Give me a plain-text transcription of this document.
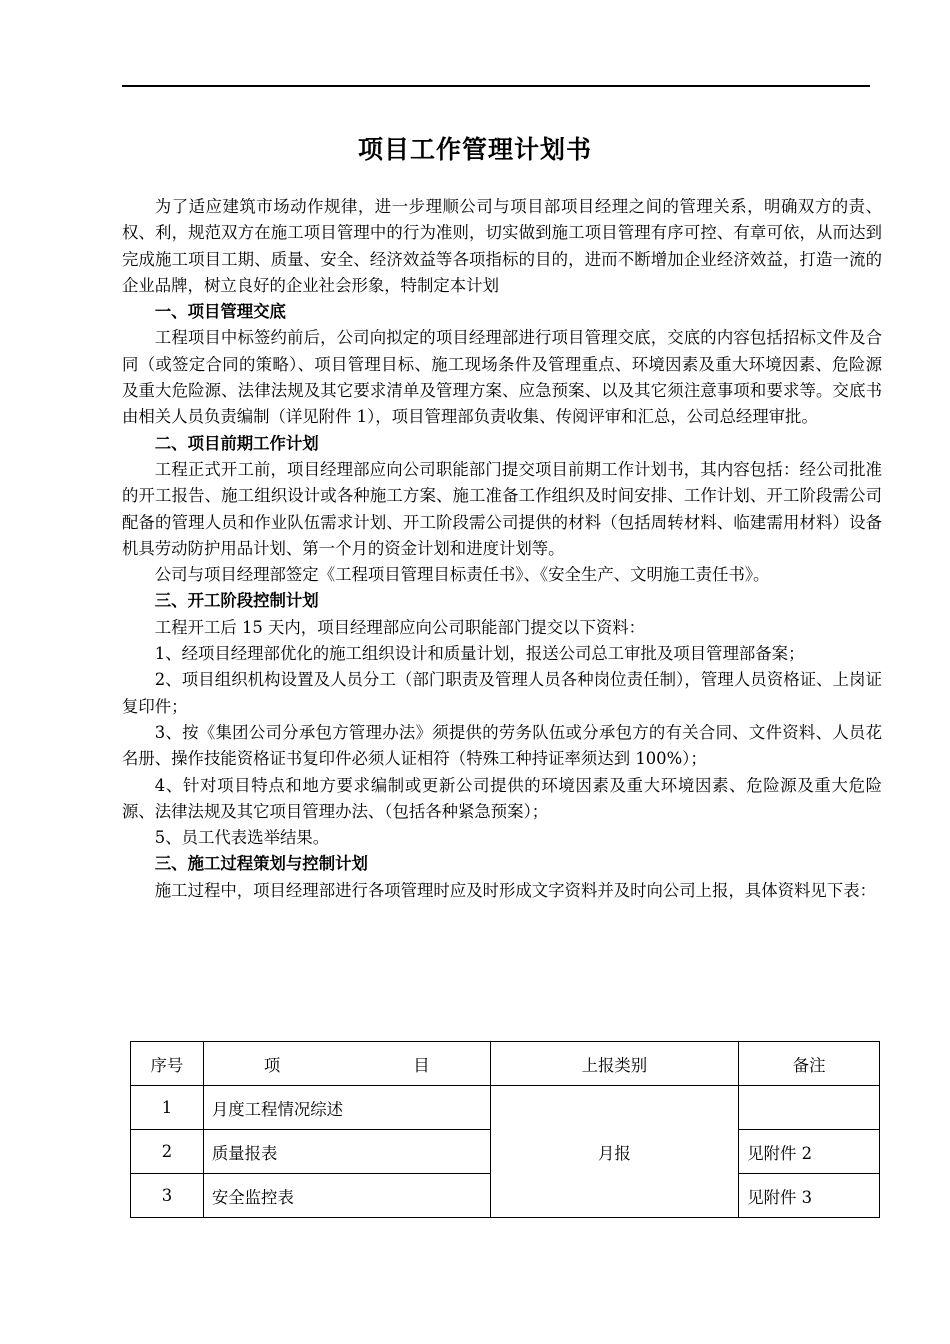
项目工作管理计划书

为了适应建筑市场动作规律，进一步理顺公司与项目部项目经理之间的管理关系，明确双方的责、权、利，规范双方在施工项目管理中的行为准则，切实做到施工项目管理有序可控、有章可依，从而达到完成施工项目工期、质量、安全、经济效益等各项指标的目的，进而不断增加企业经济效益，打造一流的企业品牌，树立良好的企业社会形象，特制定本计划

一、项目管理交底

工程项目中标签约前后，公司向拟定的项目经理部进行项目管理交底，交底的内容包括招标文件及合同（或签定合同的策略）、项目管理目标、施工现场条件及管理重点、环境因素及重大环境因素、危险源及重大危险源、法律法规及其它要求清单及管理方案、应急预案、以及其它须注意事项和要求等。交底书由相关人员负责编制（详见附件 1），项目管理部负责收集、传阅评审和汇总，公司总经理审批。

二、项目前期工作计划

工程正式开工前，项目经理部应向公司职能部门提交项目前期工作计划书，其内容包括：经公司批准的开工报告、施工组织设计或各种施工方案、施工准备工作组织及时间安排、工作计划、开工阶段需公司配备的管理人员和作业队伍需求计划、开工阶段需公司提供的材料（包括周转材料、临建需用材料）设备机具劳动防护用品计划、第一个月的资金计划和进度计划等。

公司与项目经理部签定《工程项目管理目标责任书》、《安全生产、文明施工责任书》。

三、开工阶段控制计划

工程开工后 15 天内，项目经理部应向公司职能部门提交以下资料：

1、经项目经理部优化的施工组织设计和质量计划，报送公司总工审批及项目管理部备案；

2、项目组织机构设置及人员分工（部门职责及管理人员各种岗位责任制），管理人员资格证、上岗证复印件；

3、按《集团公司分承包方管理办法》须提供的劳务队伍或分承包方的有关合同、文件资料、人员花名册、操作技能资格证书复印件必须人证相符（特殊工种持证率须达到 100%）；

4、针对项目特点和地方要求编制或更新公司提供的环境因素及重大环境因素、危险源及重大危险源、法律法规及其它项目管理办法、（包括各种紧急预案）；

5、员工代表选举结果。

三、施工过程策划与控制计划

施工过程中，项目经理部进行各项管理时应及时形成文字资料并及时向公司上报，具体资料见下表：

序号	项 目	上报类别	备注
1	月度工程情况综述	月报	
2	质量报表		见附件 2
3	安全监控表		见附件 3
